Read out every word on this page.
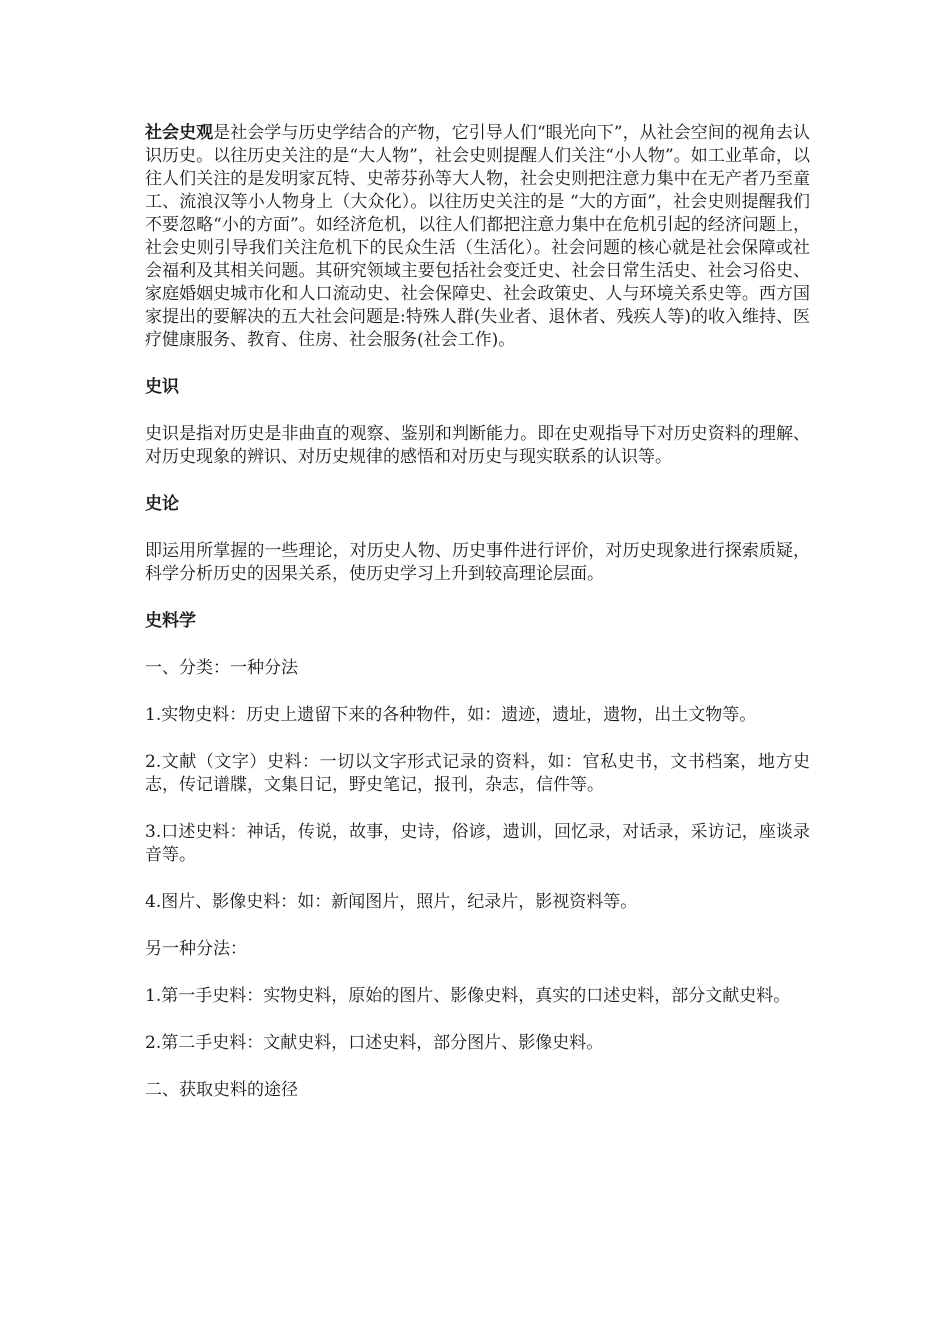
社会史观是社会学与历史学结合的产物，它引导人们“眼光向下”，从社会空间的视角去认识历史。以往历史关注的是“大人物”，社会史则提醒人们关注“小人物”。如工业革命，以往人们关注的是发明家瓦特、史蒂芬孙等大人物，社会史则把注意力集中在无产者乃至童工、流浪汉等小人物身上（大众化）。以往历史关注的是 “大的方面”，社会史则提醒我们不要忽略“小的方面”。如经济危机，以往人们都把注意力集中在危机引起的经济问题上，社会史则引导我们关注危机下的民众生活（生活化）。社会问题的核心就是社会保障或社会福利及其相关问题。其研究领域主要包括社会变迁史、社会日常生活史、社会习俗史、家庭婚姻史城市化和人口流动史、社会保障史、社会政策史、人与环境关系史等。西方国家提出的要解决的五大社会问题是:特殊人群(失业者、退休者、残疾人等)的收入维持、医疗健康服务、教育、住房、社会服务(社会工作)。

史识

史识是指对历史是非曲直的观察、鉴别和判断能力。即在史观指导下对历史资料的理解、对历史现象的辨识、对历史规律的感悟和对历史与现实联系的认识等。

史论

即运用所掌握的一些理论，对历史人物、历史事件进行评价，对历史现象进行探索质疑，科学分析历史的因果关系，使历史学习上升到较高理论层面。

史料学

一、分类：一种分法

1.实物史料：历史上遗留下来的各种物件，如：遗迹，遗址，遗物，出土文物等。

2.文献（文字）史料：一切以文字形式记录的资料，如：官私史书，文书档案，地方史志，传记谱牒，文集日记，野史笔记，报刊，杂志，信件等。

3.口述史料：神话，传说，故事，史诗，俗谚，遗训，回忆录，对话录，采访记，座谈录音等。

4.图片、影像史料：如：新闻图片，照片，纪录片，影视资料等。

另一种分法：

1.第一手史料：实物史料，原始的图片、影像史料，真实的口述史料，部分文献史料。

2.第二手史料：文献史料，口述史料，部分图片、影像史料。

二、获取史料的途径
